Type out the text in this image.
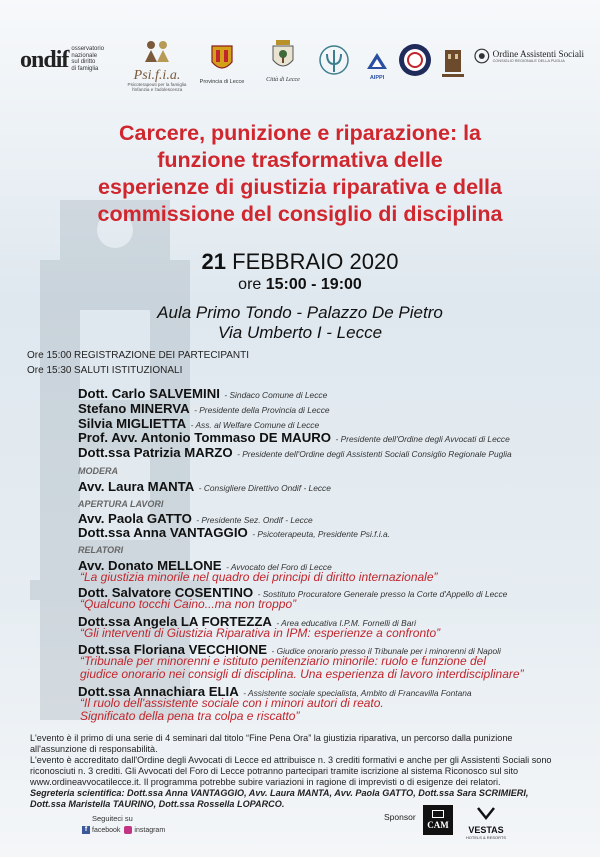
ondif osservatorio
nazionale
sul diritto
di famiglia	Psi.f.i.a.
Psicoterapeuti per la famiglia
l'infanzia e l'adolescenza
Provincia di Lecce	Città di Lecce	AIPPI
Ordine Assistenti Sociali
CONSIGLIO REGIONALE DELLA PUGLIA
Carcere, punizione e riparazione: la
funzione trasformativa delle
esperienze di giustizia riparativa e della
commissione del consiglio di disciplina
21 FEBBRAIO 2020
ore 15:00 - 19:00
Aula Primo Tondo - Palazzo De Pietro
Via Umberto I - Lecce
Ore 15:00 REGISTRAZIONE DEI PARTECIPANTI
Ore 15:30 SALUTI ISTITUZIONALI
Dott. Carlo SALVEMINI - Sindaco Comune di Lecce
Stefano MINERVA - Presidente della Provincia di Lecce
Silvia MIGLIETTA - Ass. al Welfare Comune di Lecce
Prof. Avv. Antonio Tommaso DE MAURO - Presidente dell'Ordine degli Avvocati di Lecce
Dott.ssa Patrizia MARZO - Presidente dell'Ordine degli Assistenti Sociali Consiglio Regionale Puglia
MODERA
Avv. Laura MANTA - Consigliere Direttivo Ondif - Lecce
APERTURA LAVORI
Avv. Paola GATTO - Presidente Sez. Ondif - Lecce
Dott.ssa Anna VANTAGGIO - Psicoterapeuta, Presidente Psi.f.i.a.
RELATORI
Avv. Donato MELLONE - Avvocato del Foro di Lecce
“La giustizia minorile nel quadro dei principi di diritto internazionale”
Dott. Salvatore COSENTINO - Sostituto Procuratore Generale presso la Corte d'Appello di Lecce
“Qualcuno tocchi Caino...ma non troppo”
Dott.ssa Angela LA FORTEZZA - Area educativa I.P.M. Fornelli di Bari
“Gli interventi di Giustizia Riparativa in IPM: esperienze a confronto”
Dott.ssa Floriana VECCHIONE - Giudice onorario presso il Tribunale per i minorenni di Napoli
“Tribunale per minorenni e istituto penitenziario minorile: ruolo e funzione del
giudice onorario nei consigli di disciplina. Una esperienza di lavoro interdisciplinare”
Dott.ssa Annachiara ELIA - Assistente sociale specialista, Ambito di Francavilla Fontana
“Il ruolo dell'assistente sociale con i minori autori di reato.
Significato della pena tra colpa e riscatto”
L'evento è il primo di una serie di 4 seminari dal titolo “Fine Pena Ora” la giustizia riparativa, un percorso dalla punizione
all'assunzione di responsabilità.
L'evento è accreditato dall'Ordine degli Avvocati di Lecce ed attribuisce n. 3 crediti formativi e anche per gli Assistenti Sociali sono
riconosciuti n. 3 crediti. Gli Avvocati del Foro di Lecce potranno partecipari tramite iscrizione al sistema Riconosco sul sito
www.ordineavvocatilecce.it. Il programma potrebbe subire variazioni in ragione di imprevisti o di esigenze dei relatori.
Segreteria scientifica: Dott.ssa Anna VANTAGGIO, Avv. Laura MANTA, Avv. Paola GATTO, Dott.ssa Sara SCRIMIERI,
Dott.ssa Maristella TAURINO, Dott.ssa Rossella LOPARCO.
Seguiteci su
f facebook instagram
Sponsor
CAM	VESTAS
HOTELS & RESORTS
